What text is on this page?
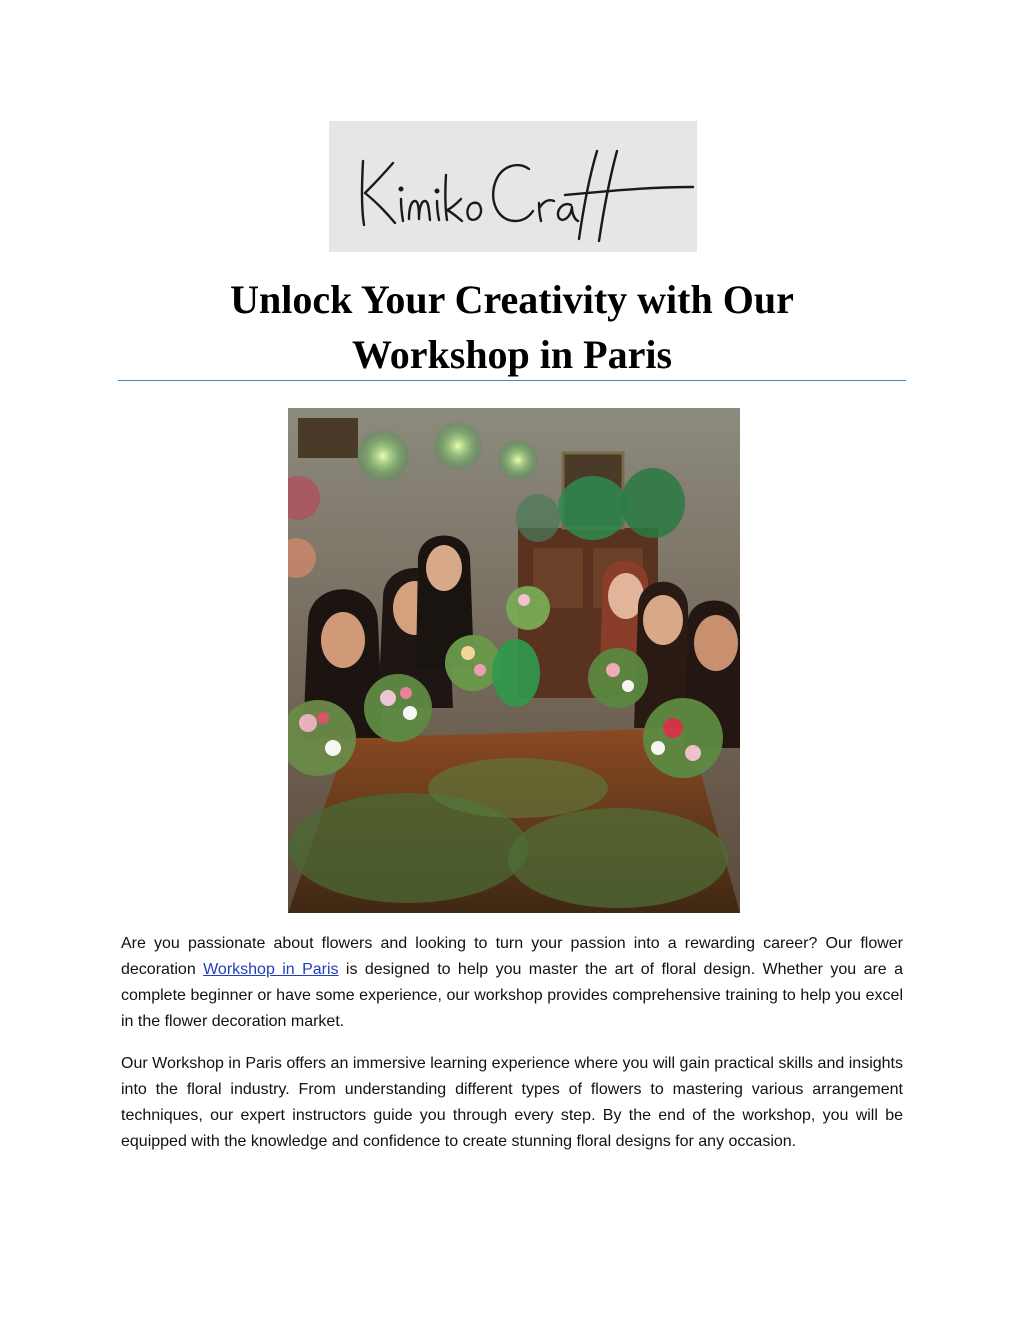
Unlock Your Creativity with Our
Workshop in Paris

Are you passionate about flowers and looking to turn your passion into a rewarding career? Our flower decoration Workshop in Paris is designed to help you master the art of floral design. Whether you are a complete beginner or have some experience, our workshop provides comprehensive training to help you excel in the flower decoration market.

Our Workshop in Paris offers an immersive learning experience where you will gain practical skills and insights into the floral industry. From understanding different types of flowers to mastering various arrangement techniques, our expert instructors guide you through every step. By the end of the workshop, you will be equipped with the knowledge and confidence to create stunning floral designs for any occasion.
